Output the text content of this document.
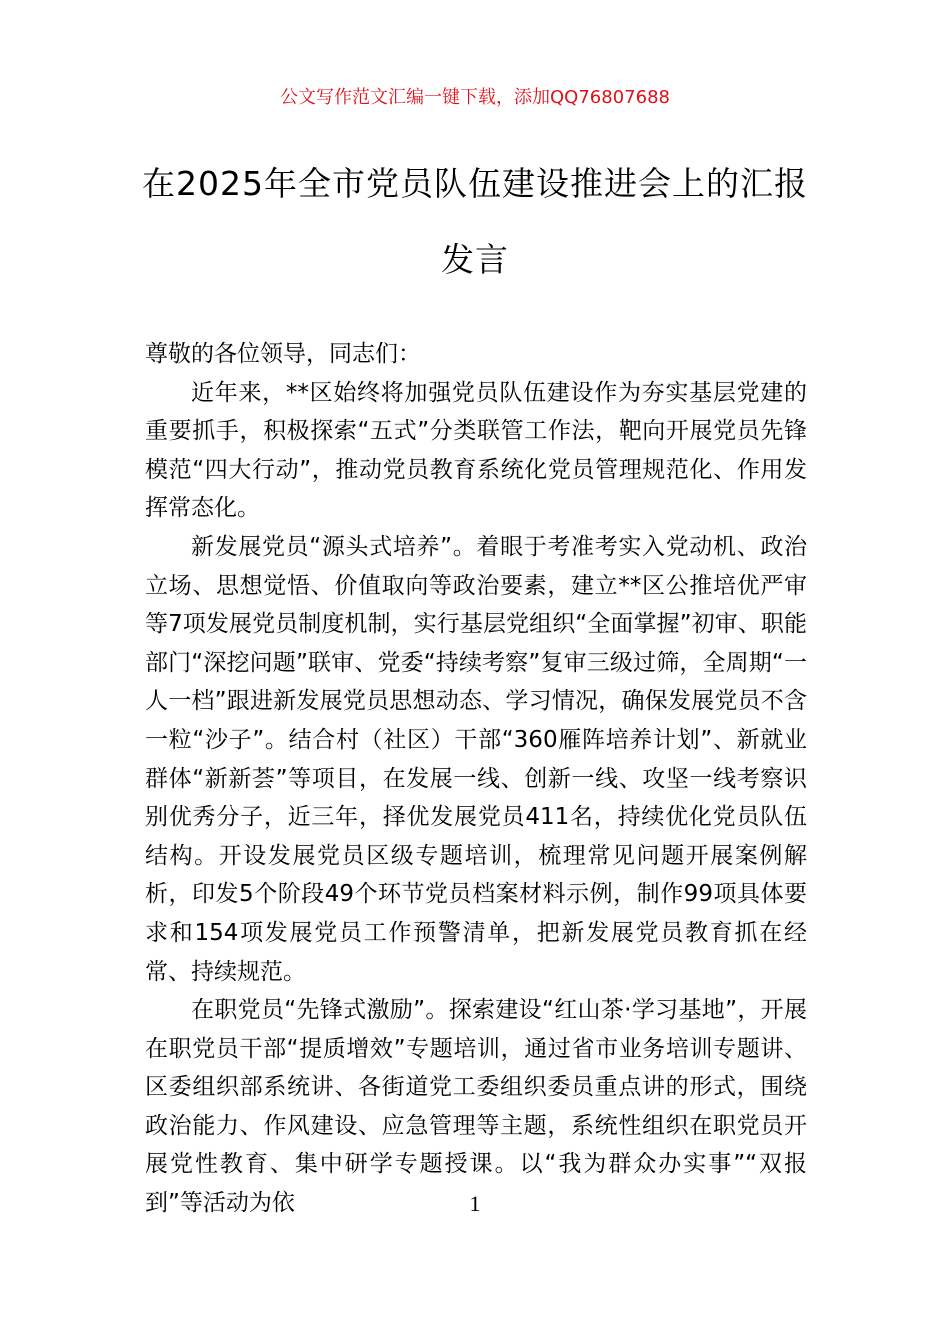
公文写作范文汇编一键下载，添加QQ76807688
在2025年全市党员队伍建设推进会上的汇报发言

尊敬的各位领导，同志们：

近年来，**区始终将加强党员队伍建设作为夯实基层党建的重要抓手，积极探索“五式”分类联管工作法，靶向开展党员先锋模范“四大行动”，推动党员教育系统化党员管理规范化、作用发挥常态化。

新发展党员“源头式培养”。着眼于考准考实入党动机、政治立场、思想觉悟、价值取向等政治要素，建立**区公推培优严审等7项发展党员制度机制，实行基层党组织“全面掌握”初审、职能部门“深挖问题”联审、党委“持续考察”复审三级过筛，全周期“一人一档”跟进新发展党员思想动态、学习情况，确保发展党员不含一粒“沙子”。结合村（社区）干部“360雁阵培养计划”、新就业群体“新新荟”等项目，在发展一线、创新一线、攻坚一线考察识别优秀分子，近三年，择优发展党员411名，持续优化党员队伍结构。开设发展党员区级专题培训，梳理常见问题开展案例解析，印发5个阶段49个环节党员档案材料示例，制作99项具体要求和154项发展党员工作预警清单，把新发展党员教育抓在经常、持续规范。

在职党员“先锋式激励”。探索建设“红山茶·学习基地”，开展在职党员干部“提质增效”专题培训，通过省市业务培训专题讲、区委组织部系统讲、各街道党工委组织委员重点讲的形式，围绕政治能力、作风建设、应急管理等主题，系统性组织在职党员开展党性教育、集中研学专题授课。以“我为群众办实事”“双报到”等活动为依	1
